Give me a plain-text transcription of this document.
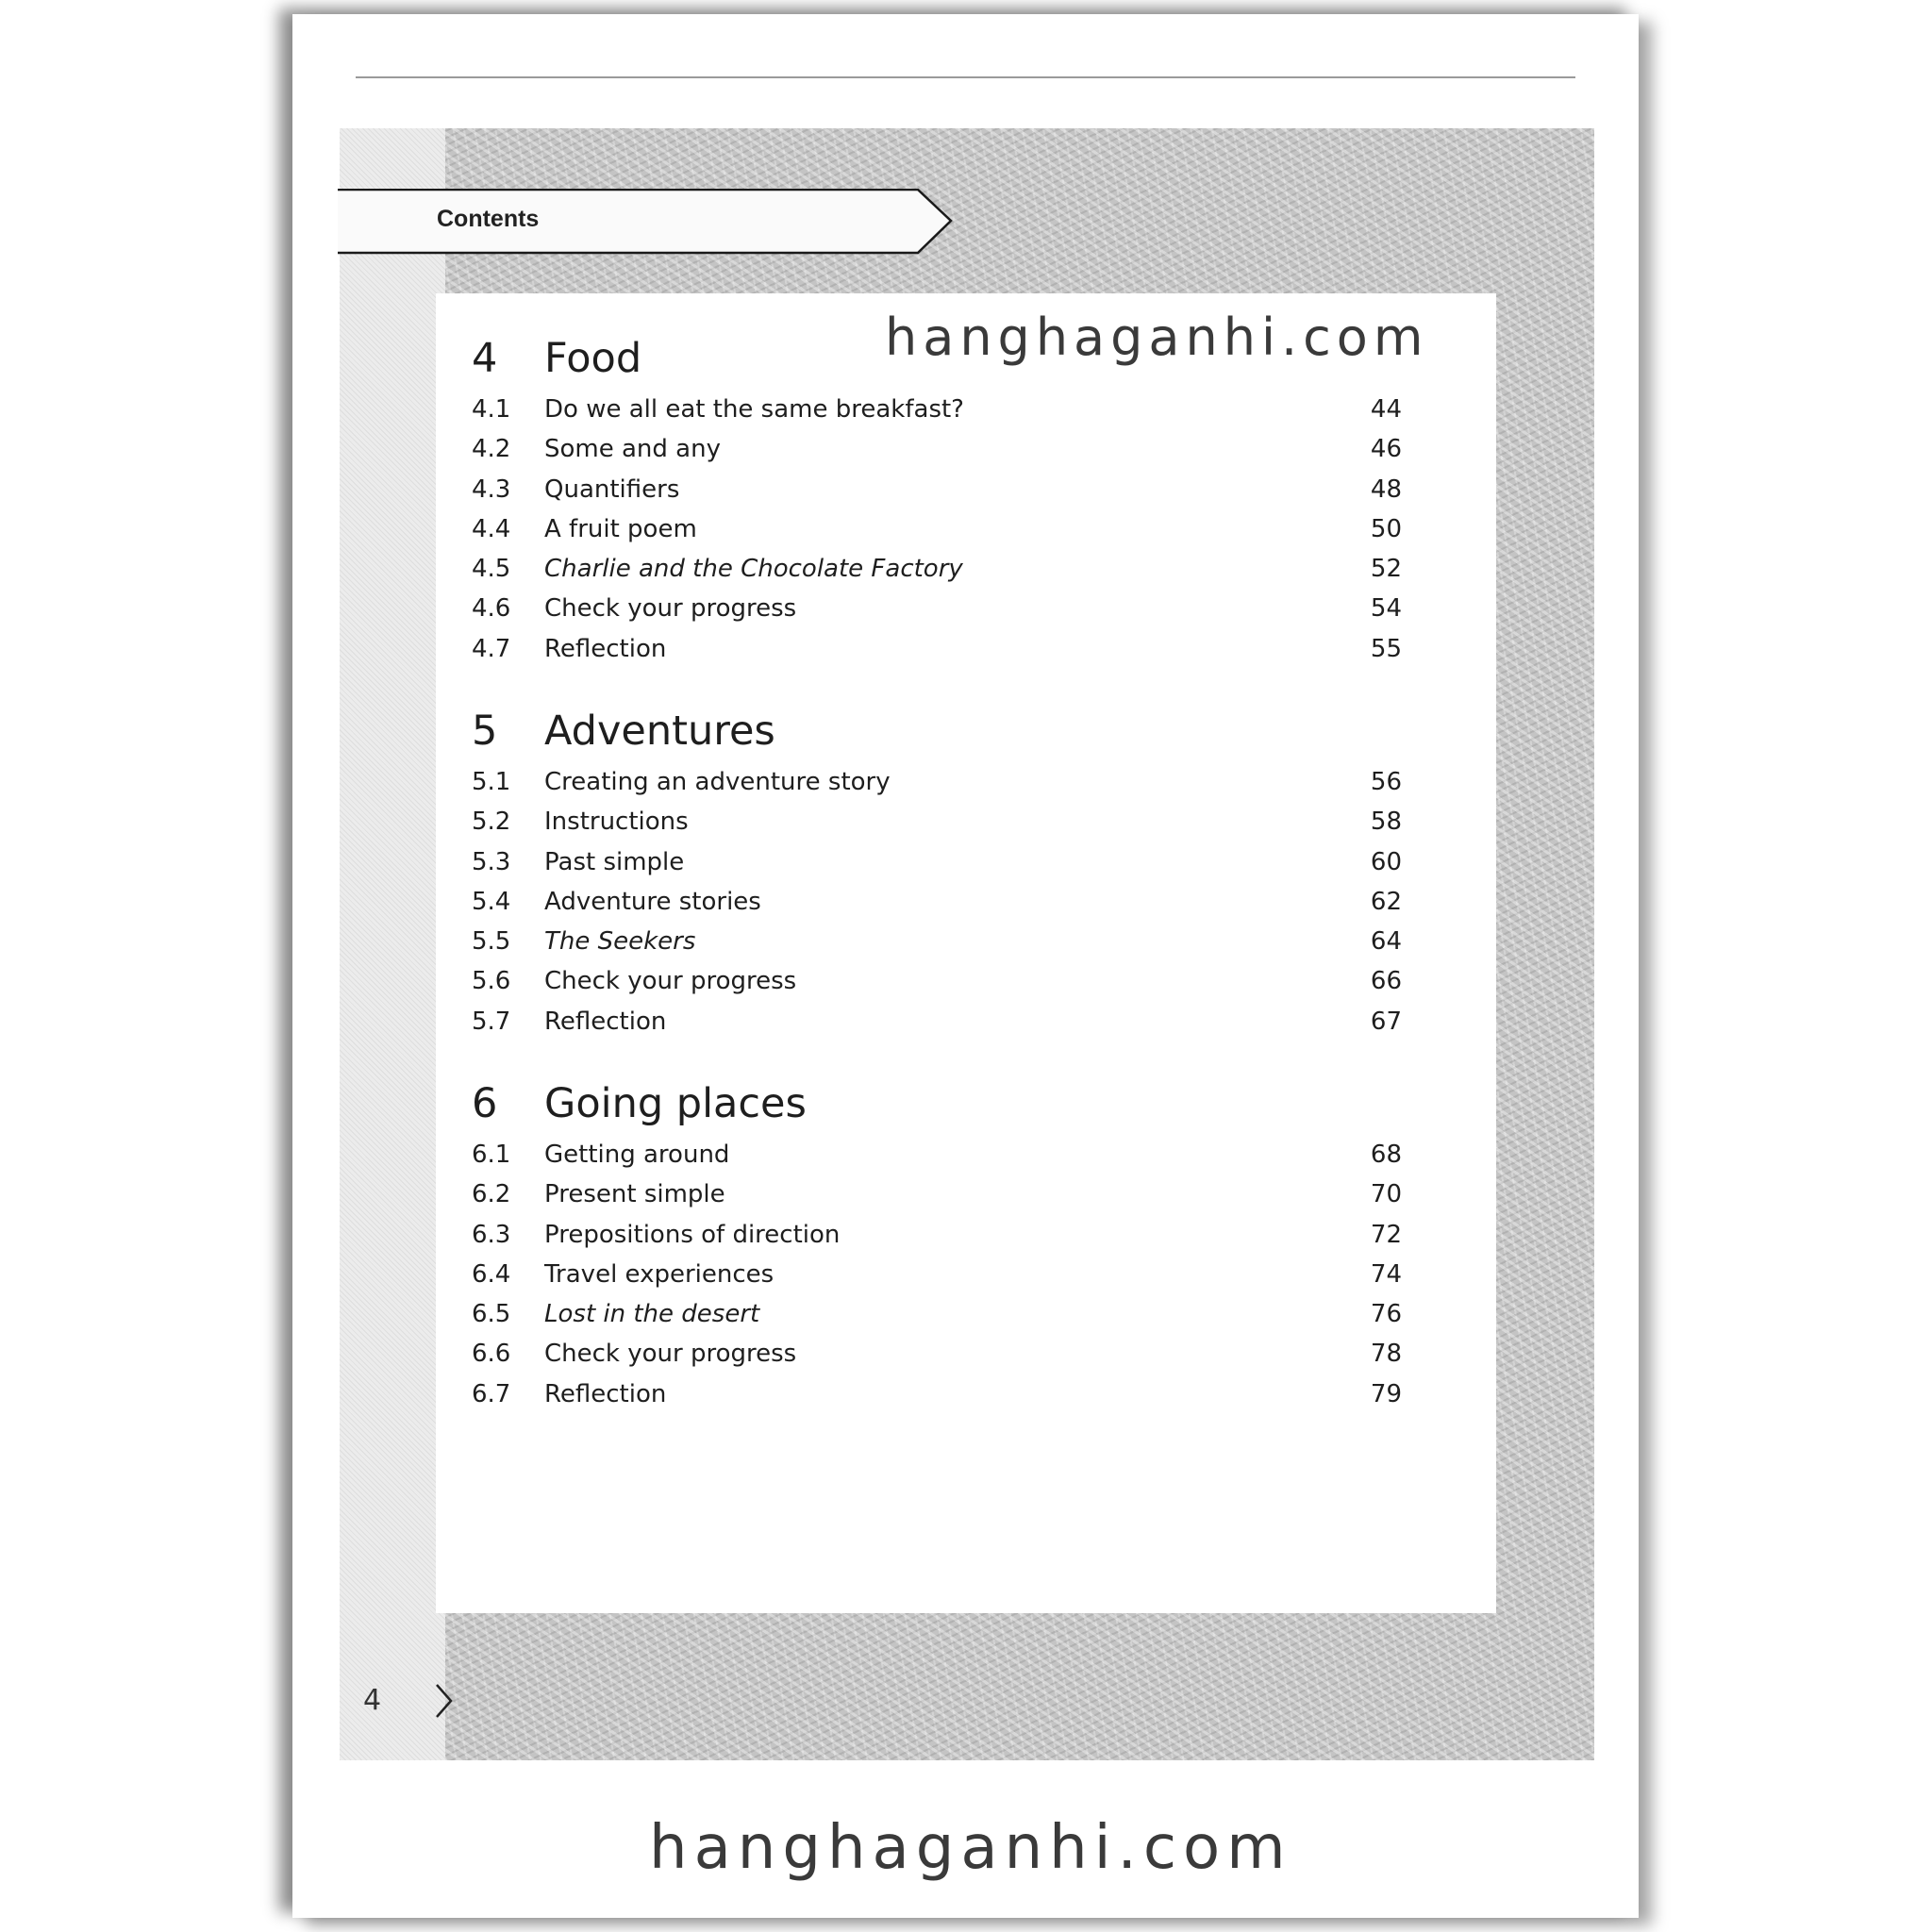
Contents
4 Food
4.1 Do we all eat the same breakfast?	44
4.2 Some and any	46
4.3 Quantifiers	48
4.4 A fruit poem	50
4.5 Charlie and the Chocolate Factory	52
4.6 Check your progress	54
4.7 Reflection	55
5 Adventures
5.1 Creating an adventure story	56
5.2 Instructions	58
5.3 Past simple	60
5.4 Adventure stories	62
5.5 The Seekers	64
5.6 Check your progress	66
5.7 Reflection	67
6 Going places
6.1 Getting around	68
6.2 Present simple	70
6.3 Prepositions of direction	72
6.4 Travel experiences	74
6.5 Lost in the desert	76
6.6 Check your progress	78
6.7 Reflection	79
hanghaganhi.com
4
hanghaganhi.com
